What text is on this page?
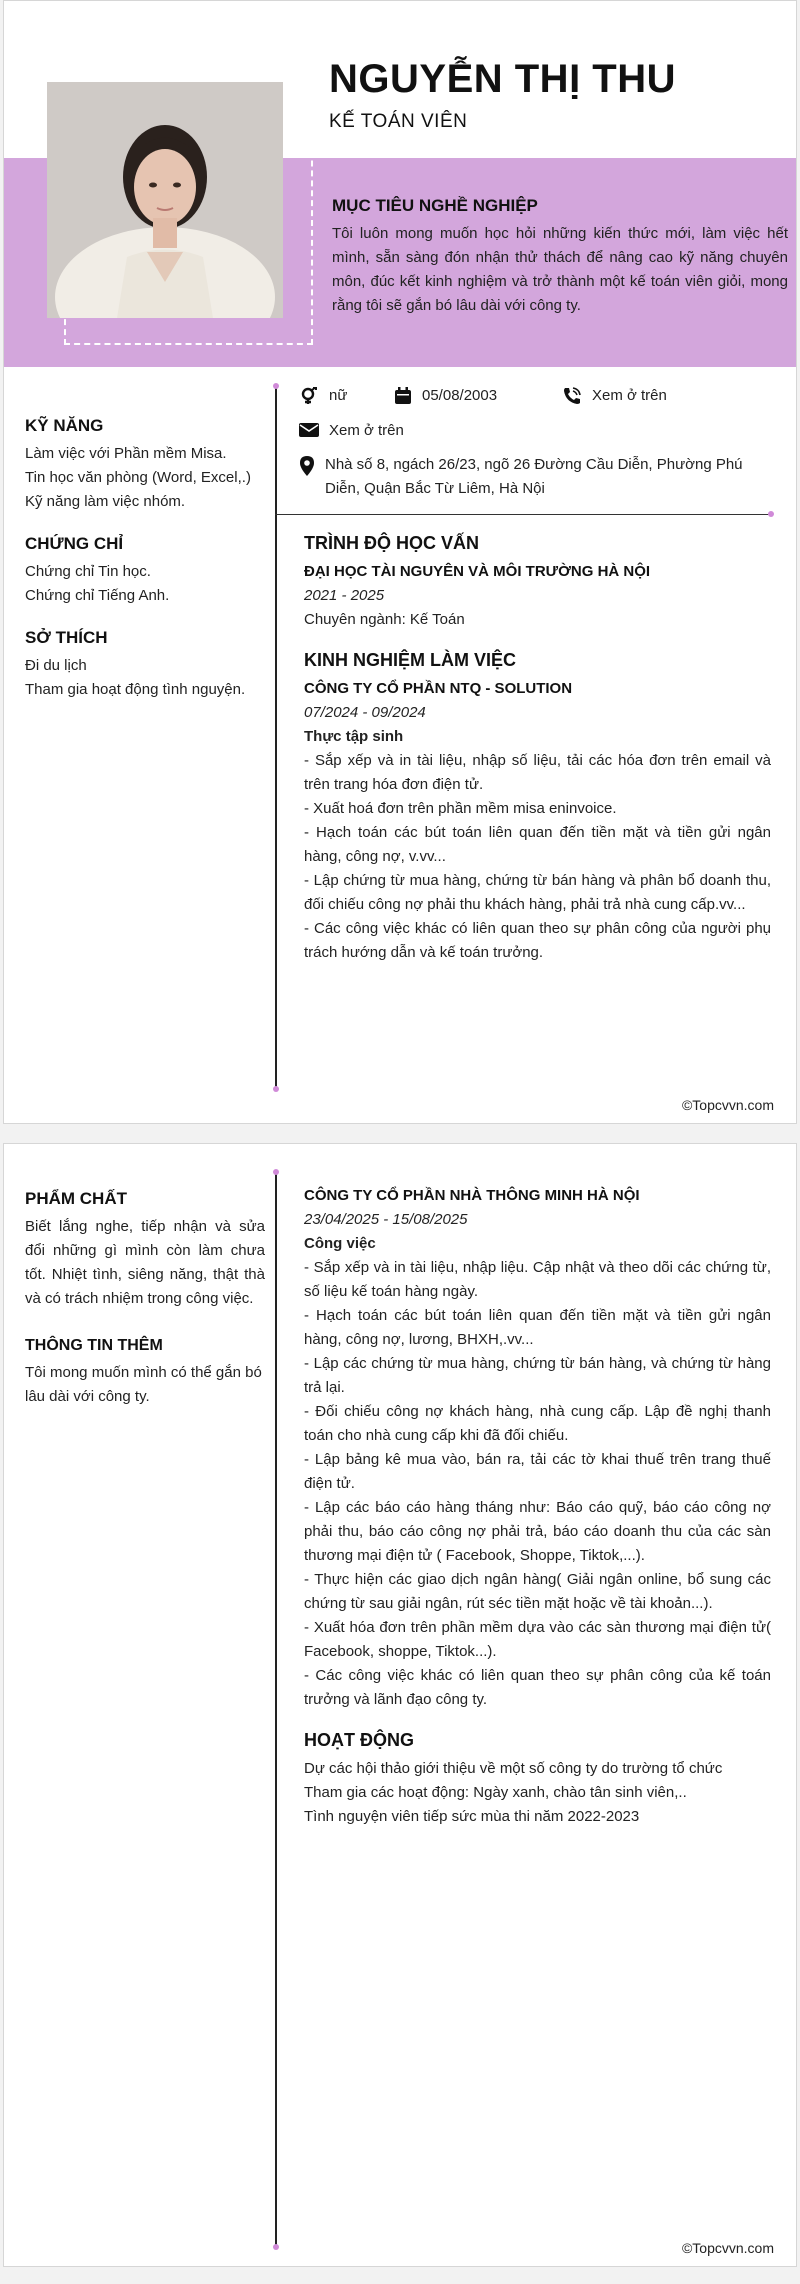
NGUYỄN THỊ THU
KẾ TOÁN VIÊN
MỤC TIÊU NGHỀ NGHIỆP

Tôi luôn mong muốn học hỏi những kiến thức mới, làm việc hết mình, sẵn sàng đón nhận thử thách để nâng cao kỹ năng chuyên môn, đúc kết kinh nghiệm và trở thành một kế toán viên giỏi, mong rằng tôi sẽ gắn bó lâu dài với công ty.

nữ	05/08/2003	Xem ở trên
Xem ở trên
Nhà số 8, ngách 26/23, ngõ 26 Đường Cầu Diễn, Phường Phú Diễn, Quận Bắc Từ Liêm, Hà Nội
KỸ NĂNG

Làm việc với Phần mềm Misa.

Tin học văn phòng (Word, Excel,.)

Kỹ năng làm việc nhóm.

CHỨNG CHỈ

Chứng chỉ Tin học.

Chứng chỉ Tiếng Anh.

SỞ THÍCH

Đi du lịch

Tham gia hoạt động tình nguyện.

TRÌNH ĐỘ HỌC VẤN
ĐẠI HỌC TÀI NGUYÊN VÀ MÔI TRƯỜNG HÀ NỘI
2021 - 2025

Chuyên ngành: Kế Toán

KINH NGHIỆM LÀM VIỆC
CÔNG TY CỔ PHẦN NTQ - SOLUTION
07/2024 - 09/2024

Thực tập sinh

- Sắp xếp và in tài liệu, nhập số liệu, tải các hóa đơn trên email và trên trang hóa đơn điện tử.
- Xuất hoá đơn trên phần mềm misa eninvoice.
- Hạch toán các bút toán liên quan đến tiền mặt và tiền gửi ngân hàng, công nợ, v.vv...
- Lập chứng từ mua hàng, chứng từ bán hàng và phân bổ doanh thu, đối chiếu công nợ phải thu khách hàng, phải trả nhà cung cấp.vv...
- Các công việc khác có liên quan theo sự phân công của người phụ trách hướng dẫn và kế toán trưởng.
©Topcvvn.com
PHẨM CHẤT

Biết lắng nghe, tiếp nhận và sửa đổi những gì mình còn làm chưa tốt. Nhiệt tình, siêng năng, thật thà và có trách nhiệm trong công việc.

THÔNG TIN THÊM

Tôi mong muốn mình có thể gắn bó lâu dài với công ty.

CÔNG TY CỔ PHẦN NHÀ THÔNG MINH HÀ NỘI
23/04/2025 - 15/08/2025

Công việc

- Sắp xếp và in tài liệu, nhập liệu. Cập nhật và theo dõi các chứng từ, số liệu kế toán hàng ngày.
- Hạch toán các bút toán liên quan đến tiền mặt và tiền gửi ngân hàng, công nợ, lương, BHXH,.vv...
- Lập các chứng từ mua hàng, chứng từ bán hàng, và chứng từ hàng trả lại.
- Đối chiếu công nợ khách hàng, nhà cung cấp. Lập đề nghị thanh toán cho nhà cung cấp khi đã đối chiếu.
- Lập bảng kê mua vào, bán ra, tải các tờ khai thuế trên trang thuế điện tử.
- Lập các báo cáo hàng tháng như: Báo cáo quỹ, báo cáo công nợ phải thu, báo cáo công nợ phải trả, báo cáo doanh thu của các sàn thương mại điện tử ( Facebook, Shoppe, Tiktok,...).
- Thực hiện các giao dịch ngân hàng( Giải ngân online, bổ sung các chứng từ sau giải ngân, rút séc tiền mặt hoặc về tài khoản...).
- Xuất hóa đơn trên phần mềm dựa vào các sàn thương mại điện tử( Facebook, shoppe, Tiktok...).
- Các công việc khác có liên quan theo sự phân công của kế toán trưởng và lãnh đạo công ty.
HOẠT ĐỘNG

Dự các hội thảo giới thiệu về một số công ty do trường tổ chức

Tham gia các hoạt động: Ngày xanh, chào tân sinh viên,..

Tình nguyện viên tiếp sức mùa thi năm 2022-2023

©Topcvvn.com
